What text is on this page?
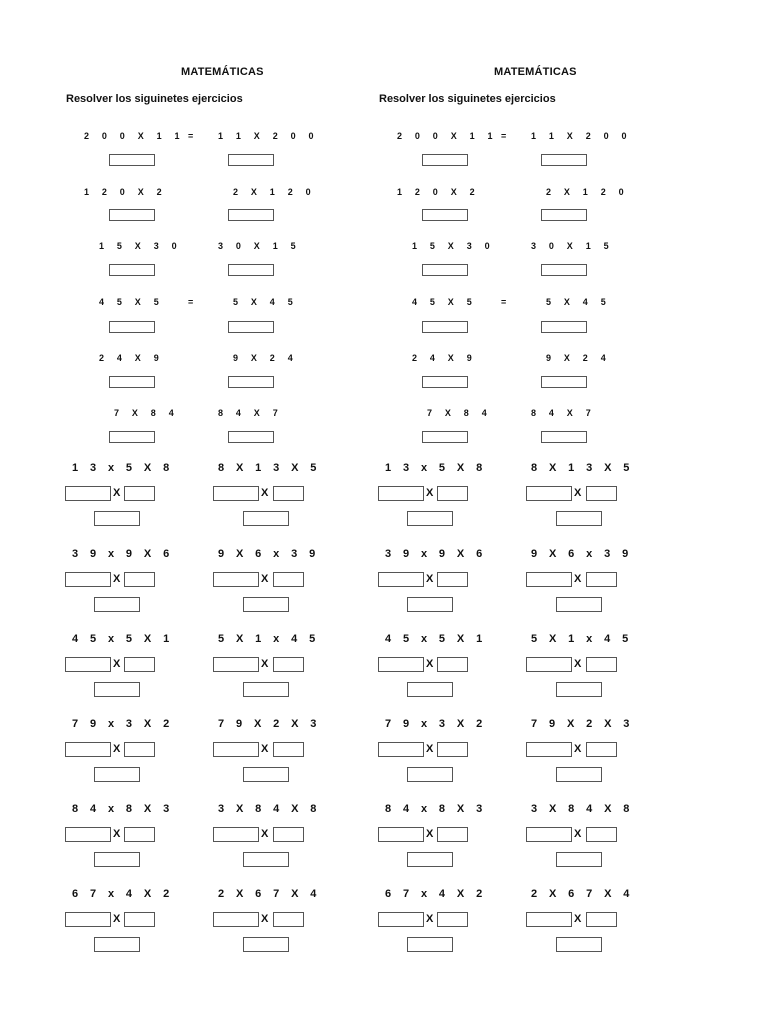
MATEMÁTICAS
Resolver los siguinetes ejercicios
2 0 0 X 1 1 =	1 1 X 2 0 0
1 2 0 X 2	2 X 1 2 0
1 5 X 3 0	3 0 X 1 5
4 5 X 5	=	5 X 4 5
2 4 X 9	9 X 2 4
7 X 8 4	8 4 X 7
1 3 x 5 X 8	8 X 1 3 X 5
X	X
3 9 x 9 X 6	9 X 6 x 3 9
X	X
4 5 x 5 X 1	5 X 1 x 4 5
X	X
7 9 x 3 X 2	7 9 X 2 X 3
X	X
8 4 x 8 X 3	3 X 8 4 X 8
X	X
6 7 x 4 X 2	2 X 6 7 X 4
X	X
MATEMÁTICAS
Resolver los siguinetes ejercicios
2 0 0 X 1 1 =	1 1 X 2 0 0
1 2 0 X 2	2 X 1 2 0
1 5 X 3 0	3 0 X 1 5
4 5 X 5	=	5 X 4 5
2 4 X 9	9 X 2 4
7 X 8 4	8 4 X 7
1 3 x 5 X 8	8 X 1 3 X 5
X	X
3 9 x 9 X 6	9 X 6 x 3 9
X	X
4 5 x 5 X 1	5 X 1 x 4 5
X	X
7 9 x 3 X 2	7 9 X 2 X 3
X	X
8 4 x 8 X 3	3 X 8 4 X 8
X	X
6 7 x 4 X 2	2 X 6 7 X 4
X	X
